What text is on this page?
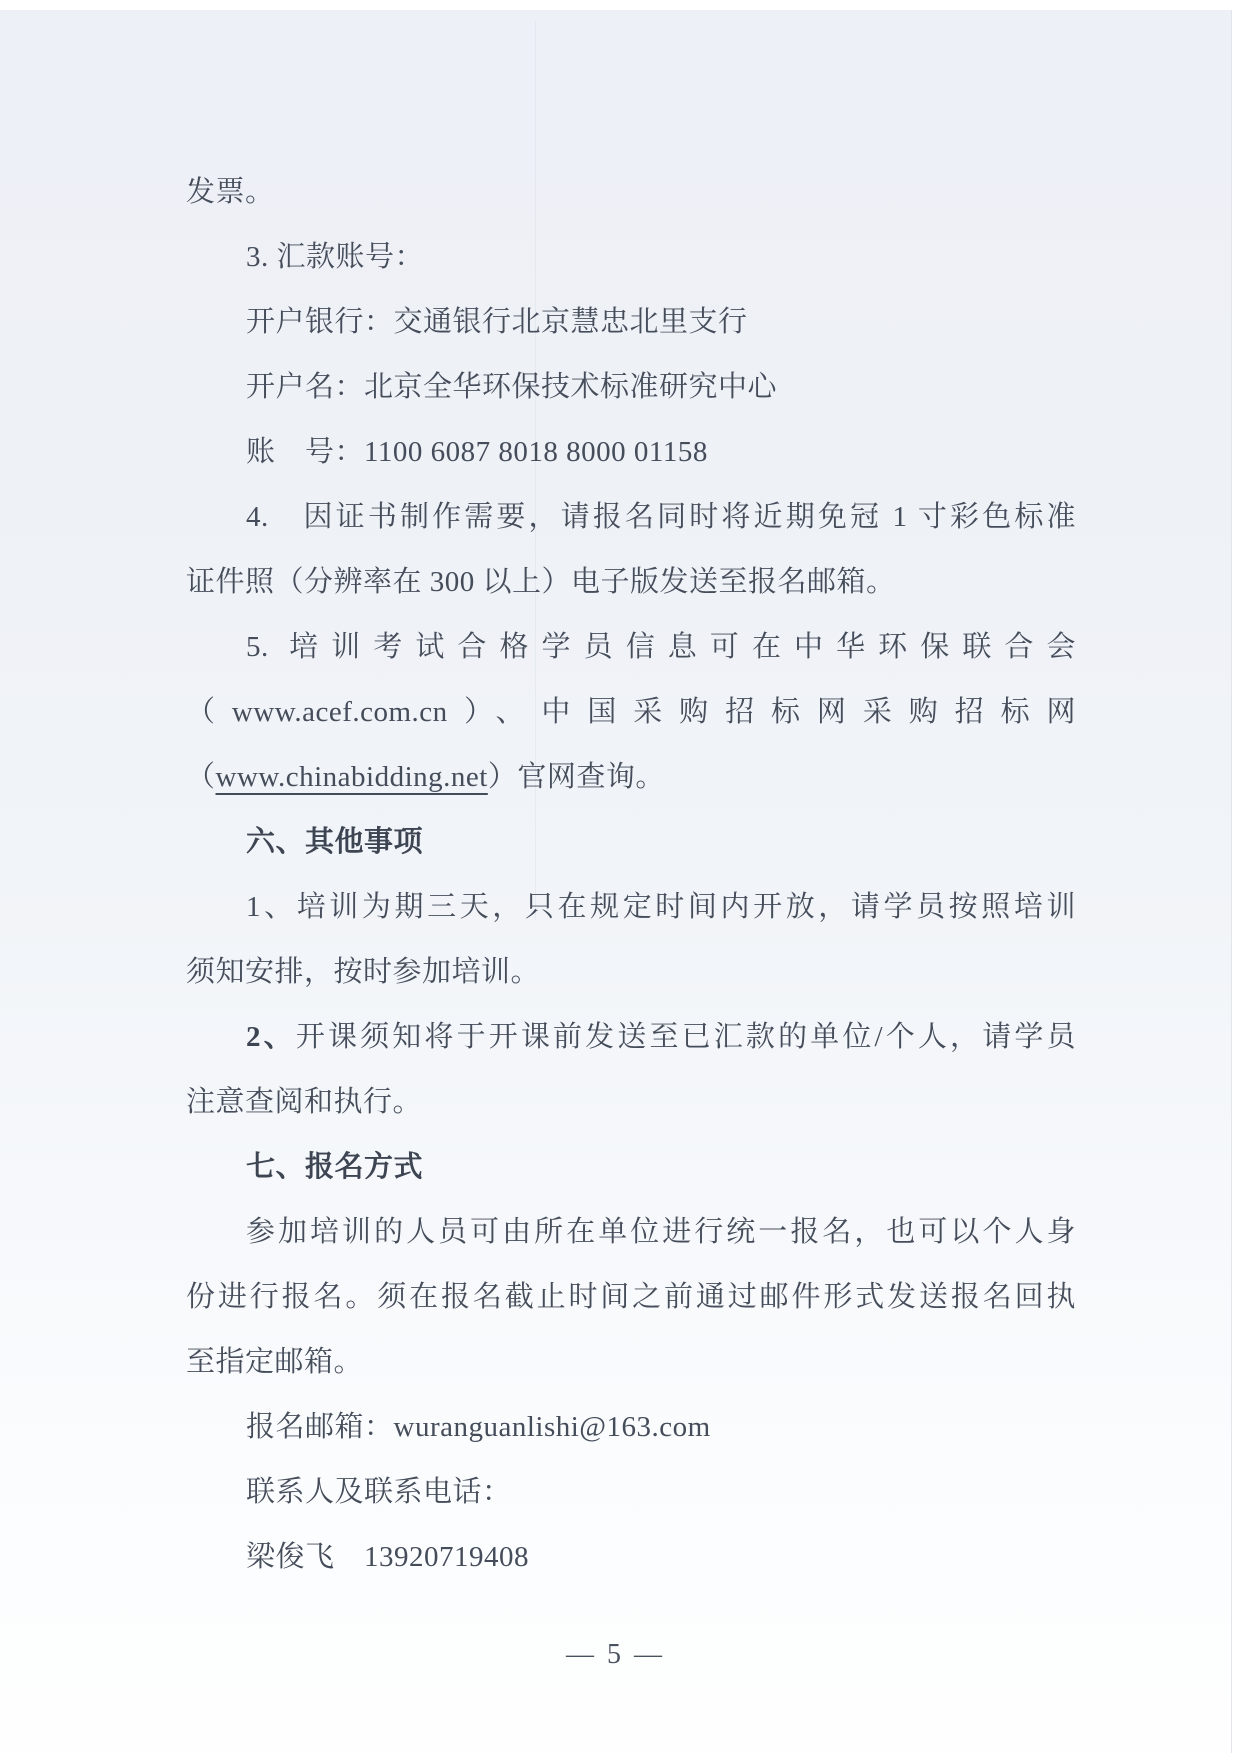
发票。
3. 汇款账号：
开户银行：交通银行北京慧忠北里支行
开户名：北京全华环保技术标准研究中心
账　号：1100 6087 8018 8000 01158
4.　因证书制作需要，请报名同时将近期免冠 1 寸彩色标准
证件照（分辨率在 300 以上）电子版发送至报名邮箱。
5. 培训考试合格学员信息可在中华环保联合会
（www.acef.com.cn）、中国采购招标网采购招标网
（www.chinabidding.net）官网查询。
六、其他事项
1、培训为期三天，只在规定时间内开放，请学员按照培训
须知安排，按时参加培训。
2、开课须知将于开课前发送至已汇款的单位/个人，请学员
注意查阅和执行。
七、报名方式
参加培训的人员可由所在单位进行统一报名，也可以个人身
份进行报名。须在报名截止时间之前通过邮件形式发送报名回执
至指定邮箱。
报名邮箱：wuranguanlishi@163.com
联系人及联系电话：
梁俊飞　13920719408
— 5 —
